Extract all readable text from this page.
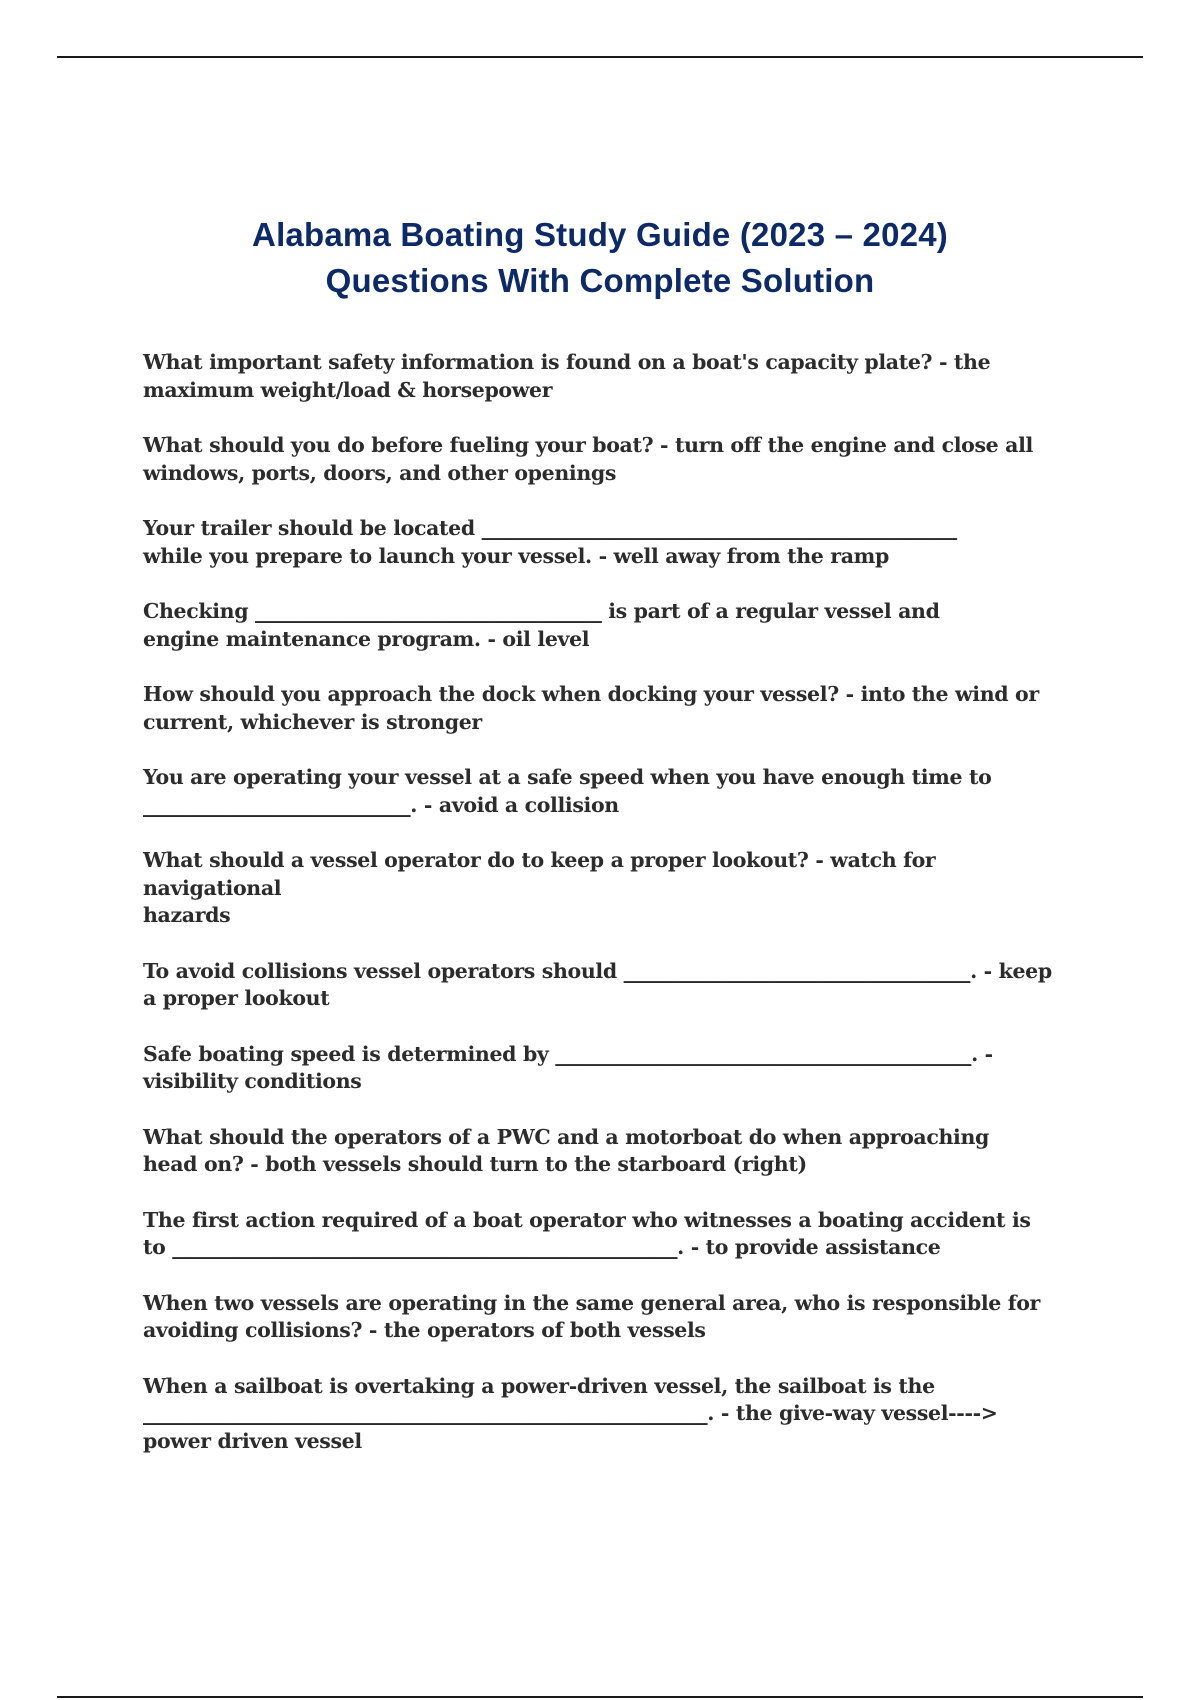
Alabama Boating Study Guide (2023 – 2024)
Questions With Complete Solution
What important safety information is found on a boat's capacity plate? - the
maximum weight/load & horsepower
What should you do before fueling your boat? - turn off the engine and close all
windows, ports, doors, and other openings
Your trailer should be located ________________________________________________
while you prepare to launch your vessel. - well away from the ramp
Checking ___________________________________ is part of a regular vessel and
engine maintenance program. - oil level
How should you approach the dock when docking your vessel? - into the wind or
current, whichever is stronger
You are operating your vessel at a safe speed when you have enough time to
___________________________. - avoid a collision
What should a vessel operator do to keep a proper lookout? - watch for navigational
hazards
To avoid collisions vessel operators should ___________________________________. - keep
a proper lookout
Safe boating speed is determined by __________________________________________. -
visibility conditions
What should the operators of a PWC and a motorboat do when approaching
head on? - both vessels should turn to the starboard (right)
The first action required of a boat operator who witnesses a boating accident is
to ___________________________________________________. - to provide assistance
When two vessels are operating in the same general area, who is responsible for
avoiding collisions? - the operators of both vessels
When a sailboat is overtaking a power-driven vessel, the sailboat is the
_________________________________________________________. - the give-way vessel---->
power driven vessel
